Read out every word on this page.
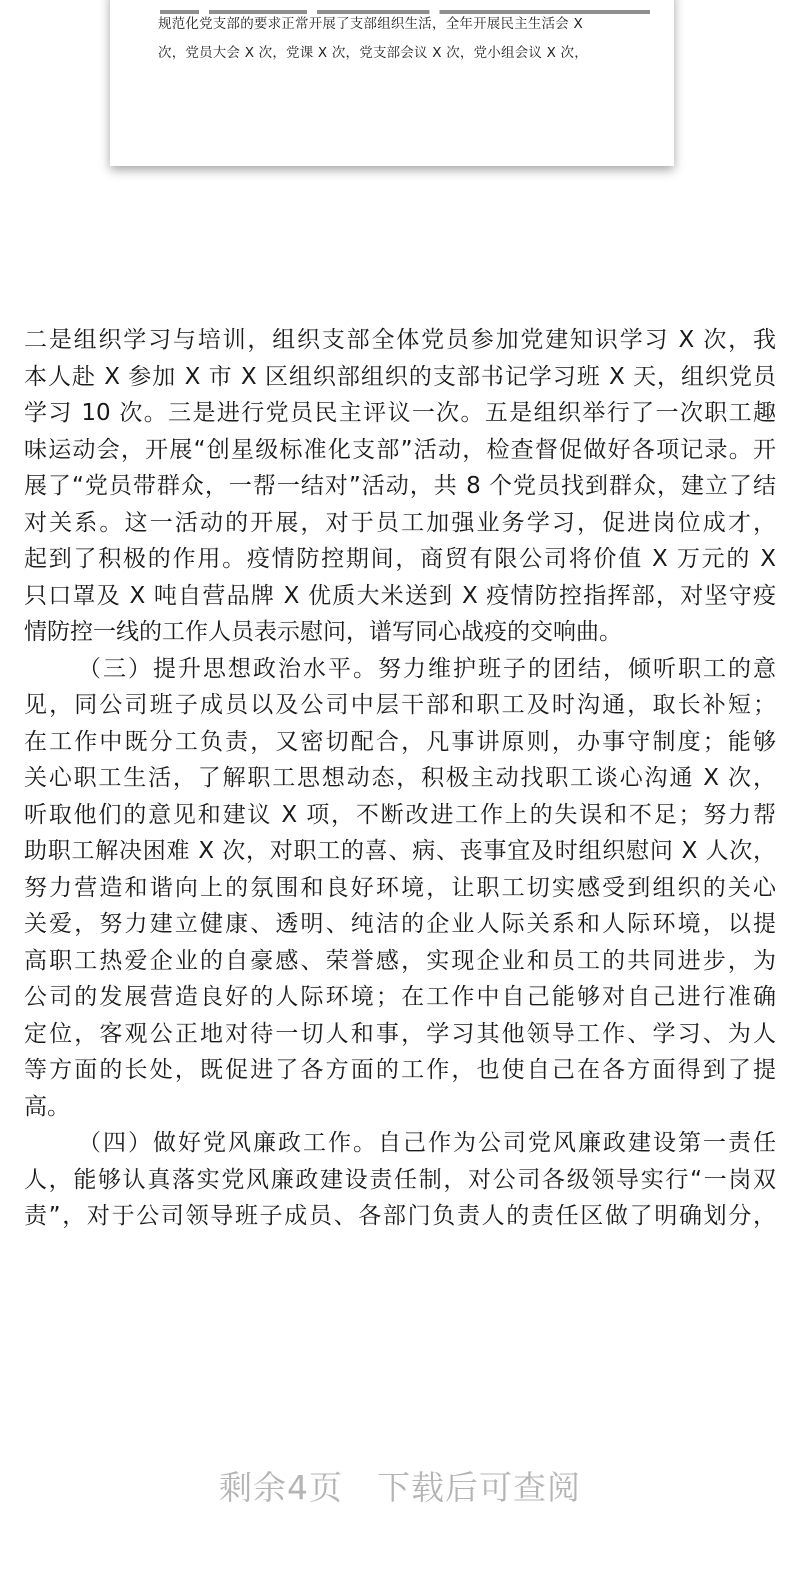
规范化党支部的要求正常开展了支部组织生活，全年开展民主生活会 X
次，党员大会 X 次，党课 X 次，党支部会议 X 次，党小组会议 X 次，
二是组织学习与培训，组织支部全体党员参加党建知识学习 X 次，我
本人赴 X 参加 X 市 X 区组织部组织的支部书记学习班 X 天，组织党员
学习 10 次。三是进行党员民主评议一次。五是组织举行了一次职工趣
味运动会，开展“创星级标准化支部”活动，检查督促做好各项记录。开
展了“党员带群众，一帮一结对”活动，共 8 个党员找到群众，建立了结
对关系。这一活动的开展，对于员工加强业务学习，促进岗位成才，
起到了积极的作用。疫情防控期间，商贸有限公司将价值 X 万元的 X
只口罩及 X 吨自营品牌 X 优质大米送到 X 疫情防控指挥部，对坚守疫
情防控一线的工作人员表示慰问，谱写同心战疫的交响曲。
（三）提升思想政治水平。努力维护班子的团结，倾听职工的意
见，同公司班子成员以及公司中层干部和职工及时沟通，取长补短；
在工作中既分工负责，又密切配合，凡事讲原则，办事守制度；能够
关心职工生活，了解职工思想动态，积极主动找职工谈心沟通 X 次，
听取他们的意见和建议 X 项，不断改进工作上的失误和不足；努力帮
助职工解决困难 X 次，对职工的喜、病、丧事宜及时组织慰问 X 人次，
努力营造和谐向上的氛围和良好环境，让职工切实感受到组织的关心
关爱，努力建立健康、透明、纯洁的企业人际关系和人际环境，以提
高职工热爱企业的自豪感、荣誉感，实现企业和员工的共同进步，为
公司的发展营造良好的人际环境；在工作中自己能够对自己进行准确
定位，客观公正地对待一切人和事，学习其他领导工作、学习、为人
等方面的长处，既促进了各方面的工作，也使自己在各方面得到了提
高。
（四）做好党风廉政工作。自己作为公司党风廉政建设第一责任
人，能够认真落实党风廉政建设责任制，对公司各级领导实行“一岗双
责”，对于公司领导班子成员、各部门负责人的责任区做了明确划分，
剩余4页 下载后可查阅
